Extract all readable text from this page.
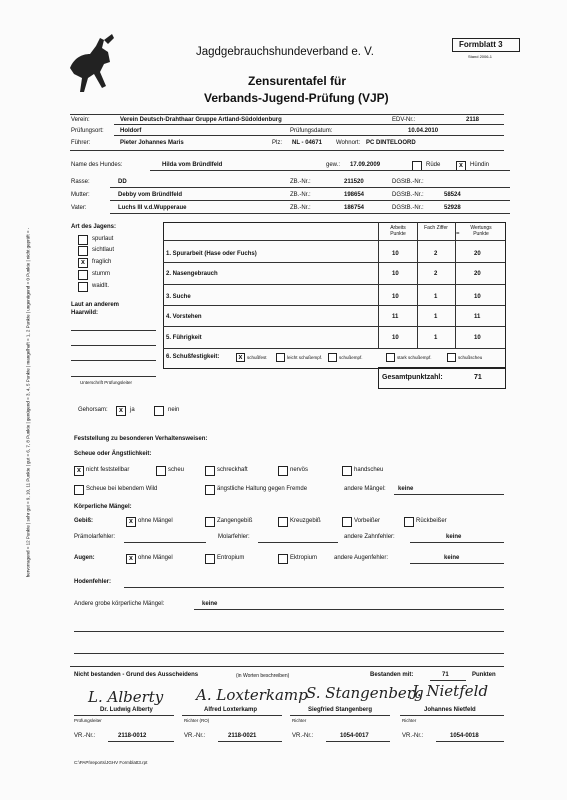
Jagdgebrauchshundeverband e. V.
Formblatt 3
Stand 2006-1
Zensurentafel für
Verbands-Jugend-Prüfung (VJP)
hervorragend = 12 Punkte | sehr gut = 9, 10, 11 Punkte | gut = 6, 7, 8 Punkte | genügend = 3, 4, 5 Punkte | mangelhaft = 1, 2 Punkte | ungenügend = 0 Punkte | nicht geprüft = -
Verein:	Verein Deutsch-Drahthaar Gruppe Artland-Südoldenburg	EDV-Nr.:	2118
Prüfungsort:	Holdorf	Prüfungsdatum:	10.04.2010
Führer:	Pieter Johannes Maris	Plz: NL - 04671 Wohnort: PC DINTELOORD
Name des Hundes:	Hilda vom Bründlfeld	gew.: 17.09.2009	Rüde	x	Hündin
Rasse:	DD	ZB.-Nr.:	211520	DGStB.-Nr.:
Mutter:	Debby vom Bründlfeld	ZB.-Nr.:	198654	DGStB.-Nr.:	58524
Vater:	Luchs III v.d.Wupperaue	ZB.-Nr.:	186754	DGStB.-Nr.:	52928
Art des Jagens:
spurlaut
sichtlaut
x	fraglich
stumm
waidlt.
Laut an anderem
Haarwild:
Unterschrift Prüfungsleiter
Arbeits Punkte
Fach Ziffer
=
Wertungs Punkte
1. Spurarbeit (Hase oder Fuchs)	10	2	20
2. Nasengebrauch	10	2	20
3. Suche	10	1	10
4. Vorstehen	11	1	11
5. Führigkeit	10	1	10
6. Schußfestigkeit:	x	schußfest	leicht schußempf.	schußempf.	stark schußempf.	schußscheu
Gesamtpunktzahl:	71
Gehorsam:	x	ja	nein
Feststellung zu besonderen Verhaltensweisen:
Scheue oder Ängstlichkeit:
x nicht feststellbar	scheu	schreckhaft	nervös	handscheu
Scheue bei lebendem Wild	ängstliche Haltung gegen Fremde	andere Mängel: keine
Körperliche Mängel:
Gebiß:	x ohne Mängel	Zangengebiß	Kreuzgebiß	Vorbeißer	Rückbeißer
Prämolarfehler:	Molarfehler:	andere Zahnfehler:	keine
Augen:	x ohne Mängel	Entropium	Ektropium	andere Augenfehler:	keine
Hodenfehler:
Andere grobe körperliche Mängel:	keine
Nicht bestanden - Grund des Ausscheidens	(in Worten beschreiben)	Bestanden mit:	71	Punkten
L. Alberty A. Loxterkamp
S. Stangenberg
J. Nietfeld
Dr. Ludwig Alberty	Alfred Loxterkamp	Siegfried Stangenberg	Johannes Nietfeld
Prüfungsleiter	Richter (RO)	Richter	Richter
VR.-Nr.:	2118-0012	VR.-Nr.:	2118-0021	VR.-Nr.:	1054-0017	VR.-Nr.:	1054-0018
C:\PAPI\reports\JGHV Formblatt3.rpt
